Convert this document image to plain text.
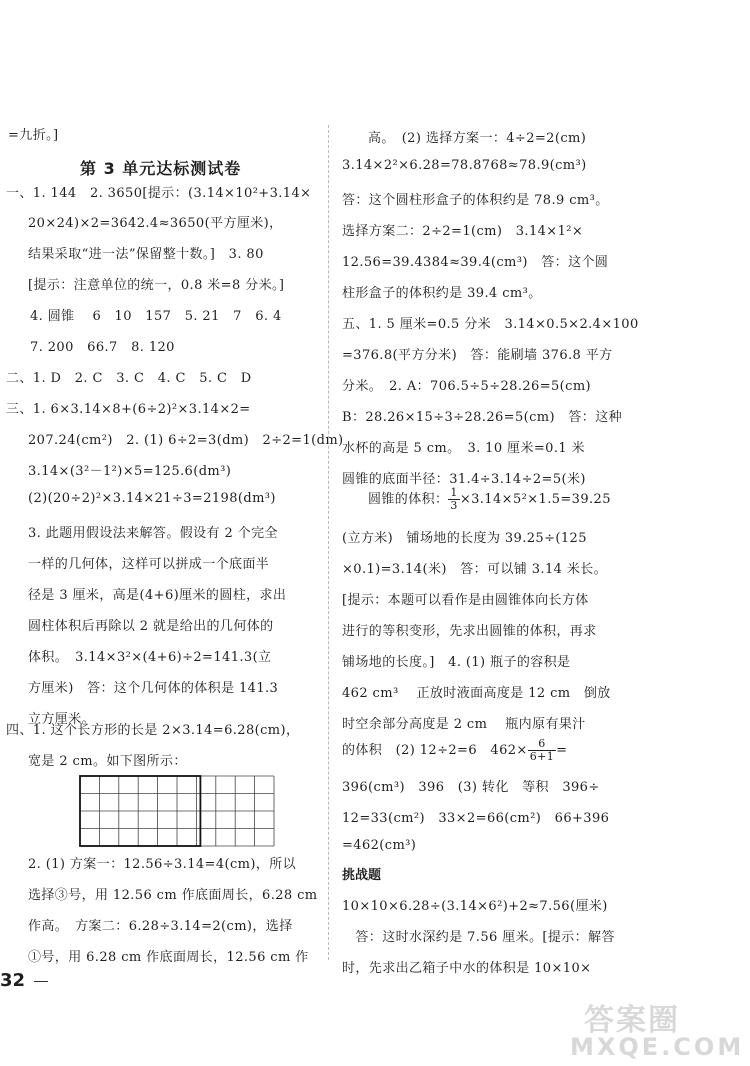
=九折。]
一、1. 144　2. 3650[提示：(3.14×10²+3.14×
20×24)×2=3642.4≈3650(平方厘米)，
结果采取“进一法”保留整十数。]　3. 80
[提示：注意单位的统一，0.8 米=8 分米。]
4. 圆锥　 6　10　157　5. 21　7　6. 4
7. 200　66.7　8. 120
二、1. D　2. C　3. C　4. C　5. C　D
三、1. 6×3.14×8+(6÷2)²×3.14×2=
207.24(cm²)　2. (1) 6÷2=3(dm)　2÷2=1(dm)
3.14×(3²－1²)×5=125.6(dm³)
(2)(20÷2)²×3.14×21÷3=2198(dm³)
3. 此题用假设法来解答。假设有 2 个完全
一样的几何体，这样可以拼成一个底面半
径是 3 厘米，高是(4+6)厘米的圆柱，求出
圆柱体积后再除以 2 就是给出的几何体的
体积。　3.14×3²×(4+6)÷2=141.3(立
方厘米)　答：这个几何体的体积是 141.3
立方厘米。
四、1. 这个长方形的长是 2×3.14=6.28(cm)，
宽是 2 cm。如下图所示：
2. (1) 方案一：12.56÷3.14=4(cm)，所以
选择③号，用 12.56 cm 作底面周长，6.28 cm
作高。　方案二：6.28÷3.14=2(cm)，选择
①号，用 6.28 cm 作底面周长，12.56 cm 作
第 3 单元达标测试卷
高。　(2) 选择方案一：4÷2=2(cm)
3.14×2²×6.28=78.8768≈78.9(cm³)
答：这个圆柱形盒子的体积约是 78.9 cm³。
选择方案二：2÷2=1(cm)　3.14×1²×
12.56=39.4384≈39.4(cm³)　答：这个圆
柱形盒子的体积约是 39.4 cm³。
五、1. 5 厘米=0.5 分米　3.14×0.5×2.4×100
=376.8(平方分米)　答：能刷墙 376.8 平方
分米。　2. A：706.5÷5÷28.26=5(cm)
B：28.26×15÷3÷28.26=5(cm)　答：这种
水杯的高是 5 cm。　3. 10 厘米=0.1 米
圆锥的底面半径：31.4÷3.14÷2=5(米)
(立方米)　铺场地的长度为 39.25÷(125
×0.1)=3.14(米)　答：可以铺 3.14 米长。
[提示：本题可以看作是由圆锥体向长方体
进行的等积变形，先求出圆锥的体积，再求
铺场地的长度。]　4. (1) 瓶子的容积是
462 cm³　 正放时液面高度是 12 cm　倒放
时空余部分高度是 2 cm　 瓶内原有果汁
396(cm³)　396　(3) 转化　等积　396÷
12=33(cm²)　33×2=66(cm²)　66+396
=462(cm³)
10×10×6.28÷(3.14×6²)+2≈7.56(厘米)
　答：这时水深约是 7.56 厘米。[提示：解答
时，先求出乙箱子中水的体积是 10×10×
圆锥的体积： $\frac{1}{3} \times 3.14\times 5^2\times 1.5=39.25$
的体积　(2) 12÷2=6　$462\times \frac{6}{6+1}$ =
挑战题
32
答案圈
MXQE.COM
